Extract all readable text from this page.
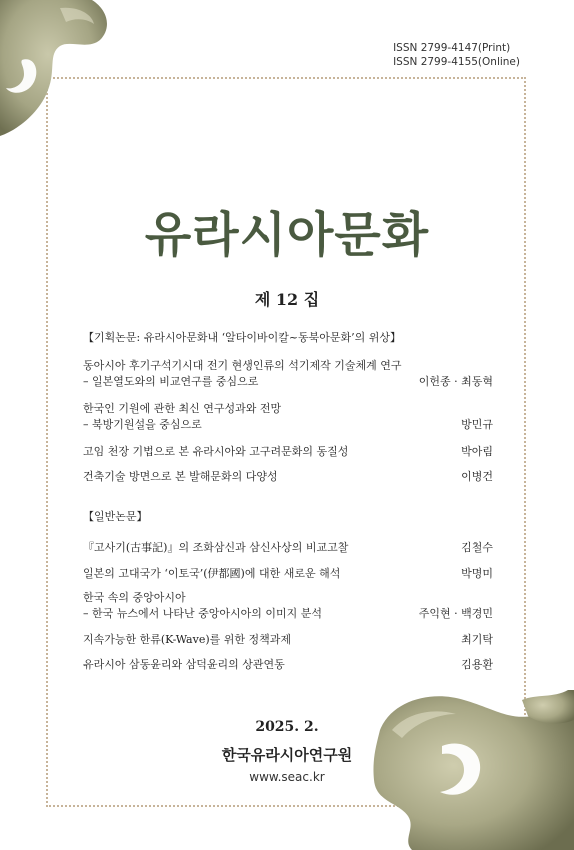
ISSN 2799-4147(Print)
ISSN 2799-4155(Online)
유라시아문화
제 12 집
【기획논문: 유라시아문화내 ‘알타이바이칼~동북아문화’의 위상】
동아시아 후기구석기시대 전기 현생인류의 석기제작 기술체계 연구
– 일본열도와의 비교연구를 중심으로	이헌종 · 최동혁
한국인 기원에 관한 최신 연구성과와 전망
– 북방기원설을 중심으로	방민규
고임 천장 기법으로 본 유라시아와 고구려문화의 동질성	박아림
건축기술 방면으로 본 발해문화의 다양성	이병건
【일반논문】
『고사기(古事記)』의 조화삼신과 삼신사상의 비교고찰	김철수
일본의 고대국가 ‘이토국’(伊都國)에 대한 새로운 해석	박명미
한국 속의 중앙아시아
– 한국 뉴스에서 나타난 중앙아시아의 이미지 분석	주익현 · 백경민
지속가능한 한류(K-Wave)를 위한 정책과제	최기탁
유라시아 삼동윤리와 삼덕윤리의 상관연동	김용환
2025. 2.
한국유라시아연구원
www.seac.kr
